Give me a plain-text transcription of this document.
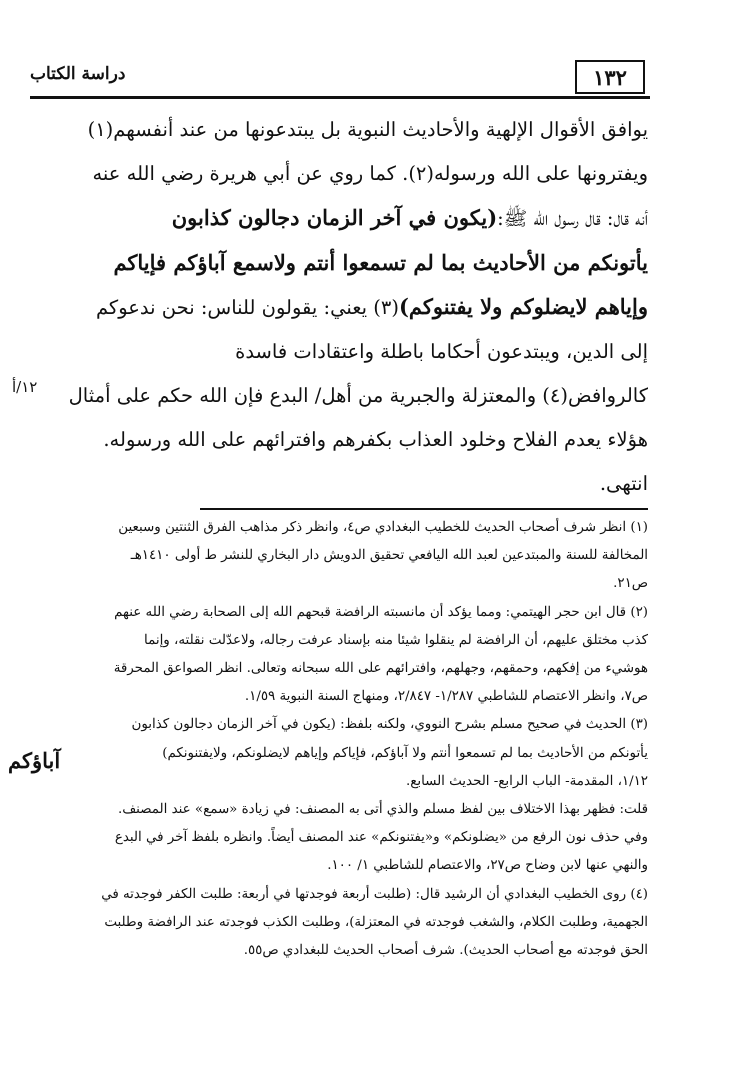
١٣٢
دراسة الكتاب
يوافق الأقوال الإلهية والأحاديث النبوية بل يبتدعونها من عند أنفسهم(١)
ويفترونها على الله ورسوله(٢). كما روي عن أبي هريرة رضي الله عنه
أنه قال: قال رسول الله ﷺ:(يكون في آخر الزمان دجالون كذابون
يأتونكم من الأحاديث بما لم تسمعوا أنتم ولاسمع آباؤكم فإياكم
وإياهم لايضلوكم ولا يفتنوكم)(٣) يعني: يقولون للناس: نحن ندعوكم
إلى الدين، ويبتدعون أحكاما باطلة واعتقادات فاسدة
كالروافض(٤) والمعتزلة والجبرية من أهل/ البدع فإن الله حكم على أمثال
هؤلاء يعدم الفلاح وخلود العذاب بكفرهم وافترائهم على الله ورسوله.
انتهى.
١٢/أ
آباؤكم
(١) انظر شرف أصحاب الحديث للخطيب البغدادي ص٤، وانظر ذكر مذاهب الفرق الثنتين وسبعين
المخالفة للسنة والمبتدعين لعبد الله اليافعي تحقيق الدويش دار البخاري للنشر ط أولى ١٤١٠هـ
ص٢١.
(٢) قال ابن حجر الهيتمي: ومما يؤكد أن مانسبته الرافضة قبحهم الله إلى الصحابة رضي الله عنهم
كذب مختلق عليهم، أن الرافضة لم ينقلوا شيئا منه بإسناد عرفت رجاله، ولاعدّلت نقلته، وإنما
هوشيء من إفكهم، وحمقهم، وجهلهم، وافترائهم على الله سبحانه وتعالى. انظر الصواعق المحرقة
ص٧، وانظر الاعتصام للشاطبي ١/٢٨٧- ٢/٨٤٧، ومنهاج السنة النبوية ١/٥٩.
(٣) الحديث في صحيح مسلم بشرح النووي، ولكنه بلفظ: (يكون في آخر الزمان دجالون كذابون
يأتونكم من الأحاديث بما لم تسمعوا أنتم ولا آباؤكم، فإياكم وإياهم لايضلونكم، ولايفتنونكم)
١/١٢، المقدمة- الباب الرابع- الحديث السابع.
قلت: فظهر بهذا الاختلاف بين لفظ مسلم والذي أتى به المصنف: في زيادة «سمع» عند المصنف.
وفي حذف نون الرفع من «يضلونكم» و«يفتنونكم» عند المصنف أيضاً. وانظره بلفظ آخر في البدع
والنهي عنها لابن وضاح ص٢٧، والاعتصام للشاطبي ١/ ١٠٠.
(٤) روى الخطيب البغدادي أن الرشيد قال: (طلبت أربعة فوجدتها في أربعة: طلبت الكفر فوجدته في
الجهمية، وطلبت الكلام، والشغب فوجدته في المعتزلة)، وطلبت الكذب فوجدته عند الرافضة وطلبت
الحق فوجدته مع أصحاب الحديث). شرف أصحاب الحديث للبغدادي ص٥٥.
